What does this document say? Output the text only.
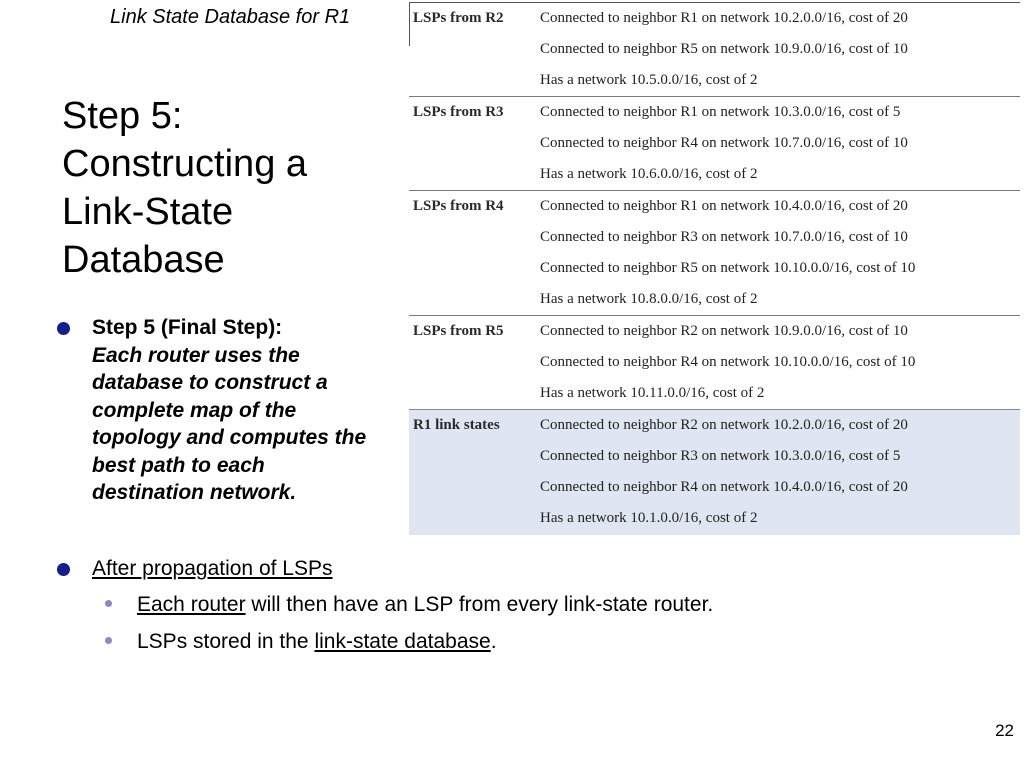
Link State Database for R1
Step 5:
Constructing a
Link-State
Database
Step 5 (Final Step):
Each router uses the database to construct a complete map of the topology and computes the best path to each destination network.
After propagation of LSPs
Each router will then have an LSP from every link-state router.
LSPs stored in the link-state database.
LSPs from R2	Connected to neighbor R1 on network 10.2.0.0/16, cost of 20
Connected to neighbor R5 on network 10.9.0.0/16, cost of 10
Has a network 10.5.0.0/16, cost of 2
LSPs from R3	Connected to neighbor R1 on network 10.3.0.0/16, cost of 5
Connected to neighbor R4 on network 10.7.0.0/16, cost of 10
Has a network 10.6.0.0/16, cost of 2
LSPs from R4	Connected to neighbor R1 on network 10.4.0.0/16, cost of 20
Connected to neighbor R3 on network 10.7.0.0/16, cost of 10
Connected to neighbor R5 on network 10.10.0.0/16, cost of 10
Has a network 10.8.0.0/16, cost of 2
LSPs from R5	Connected to neighbor R2 on network 10.9.0.0/16, cost of 10
Connected to neighbor R4 on network 10.10.0.0/16, cost of 10
Has a network 10.11.0.0/16, cost of 2
R1 link states	Connected to neighbor R2 on network 10.2.0.0/16, cost of 20
Connected to neighbor R3 on network 10.3.0.0/16, cost of 5
Connected to neighbor R4 on network 10.4.0.0/16, cost of 20
Has a network 10.1.0.0/16, cost of 2
22
